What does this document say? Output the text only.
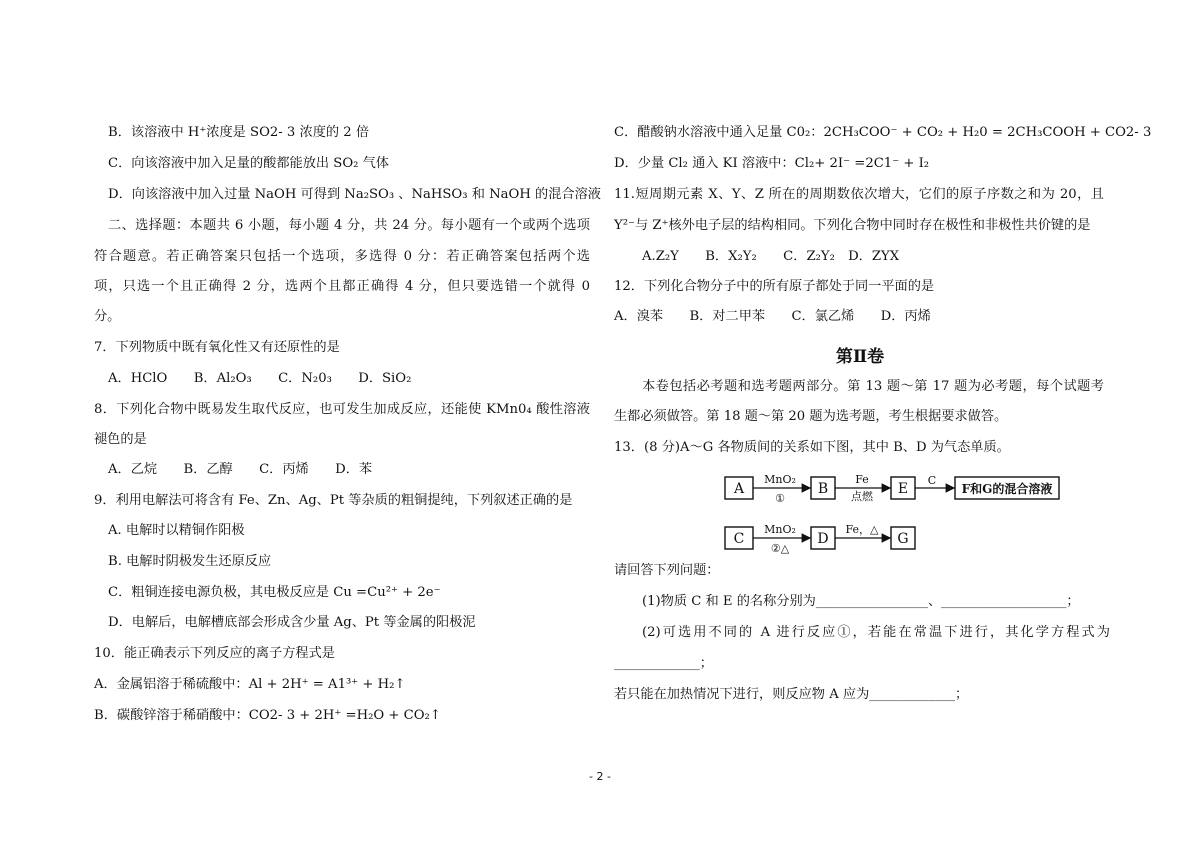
B．该溶液中 H⁺浓度是 SO2- 3 浓度的 2 倍
C．向该溶液中加入足量的酸都能放出 SO₂ 气体
D．向该溶液中加入过量 NaOH 可得到 Na₂SO₃ 、NaHSO₃ 和 NaOH 的混合溶液
二、选择题：本题共 6 小题，每小题 4 分，共 24 分。每小题有一个或两个选项
符合题意。若正确答案只包括一个选项，多选得 0 分：若正确答案包括两个选
项，只选一个且正确得 2 分，选两个且都正确得 4 分，但只要选错一个就得 0
分。
7．下列物质中既有氧化性又有还原性的是
A．HClO　　B．Al₂O₃　　C．N₂0₃　　D．SiO₂
8．下列化合物中既易发生取代反应，也可发生加成反应，还能使 KMn0₄ 酸性溶液
褪色的是
A．乙烷　　B．乙醇　　C．丙烯　　D．苯
9．利用电解法可将含有 Fe、Zn、Ag、Pt 等杂质的粗铜提纯，下列叙述正确的是
A. 电解时以精铜作阳极
B. 电解时阴极发生还原反应
C．粗铜连接电源负极，其电极反应是 Cu =Cu²⁺ + 2e⁻
D．电解后，电解槽底部会形成含少量 Ag、Pt 等金属的阳极泥
10．能正确表示下列反应的离子方程式是
A．金属铝溶于稀硫酸中：Al + 2H⁺ = A1³⁺ + H₂↑
B．碳酸锌溶于稀硝酸中：CO2- 3 + 2H⁺ =H₂O + CO₂↑
C．醋酸钠水溶液中通入足量 C0₂：2CH₃COO⁻ + CO₂ + H₂0 = 2CH₃COOH + CO2- 3
D．少量 Cl₂ 通入 KI 溶液中：Cl₂+ 2I⁻ =2C1⁻ + I₂
11.短周期元素 X、Y、Z 所在的周期数依次增大，它们的原子序数之和为 20，且
Y²⁻与 Z⁺核外电子层的结构相同。下列化合物中同时存在极性和非极性共价键的是
A.Z₂Y　　B．X₂Y₂　　C．Z₂Y₂　D．ZYX
12．下列化合物分子中的所有原子都处于同一平面的是
A．溴苯　　B．对二甲苯　　C．氯乙烯　　D．丙烯
第Ⅱ卷
本卷包括必考题和选考题两部分。第 13 题～第 17 题为必考题，每个试题考
生都必须做答。第 18 题～第 20 题为选考题，考生根据要求做答。
13．(8 分)A～G 各物质间的关系如下图，其中 B、D 为气态单质。
请回答下列问题：
(1)物质 C 和 E 的名称分别为_________________、___________________；
(2)可选用不同的 A 进行反应①，若能在常温下进行，其化学方程式为
_____________；
若只能在加热情况下进行，则反应物 A 应为_____________；
A
MnO₂
①
B
Fe
点燃 E
C
F和G的混合溶液
C
MnO₂
②△
D
Fe，△
G
- 2 -
